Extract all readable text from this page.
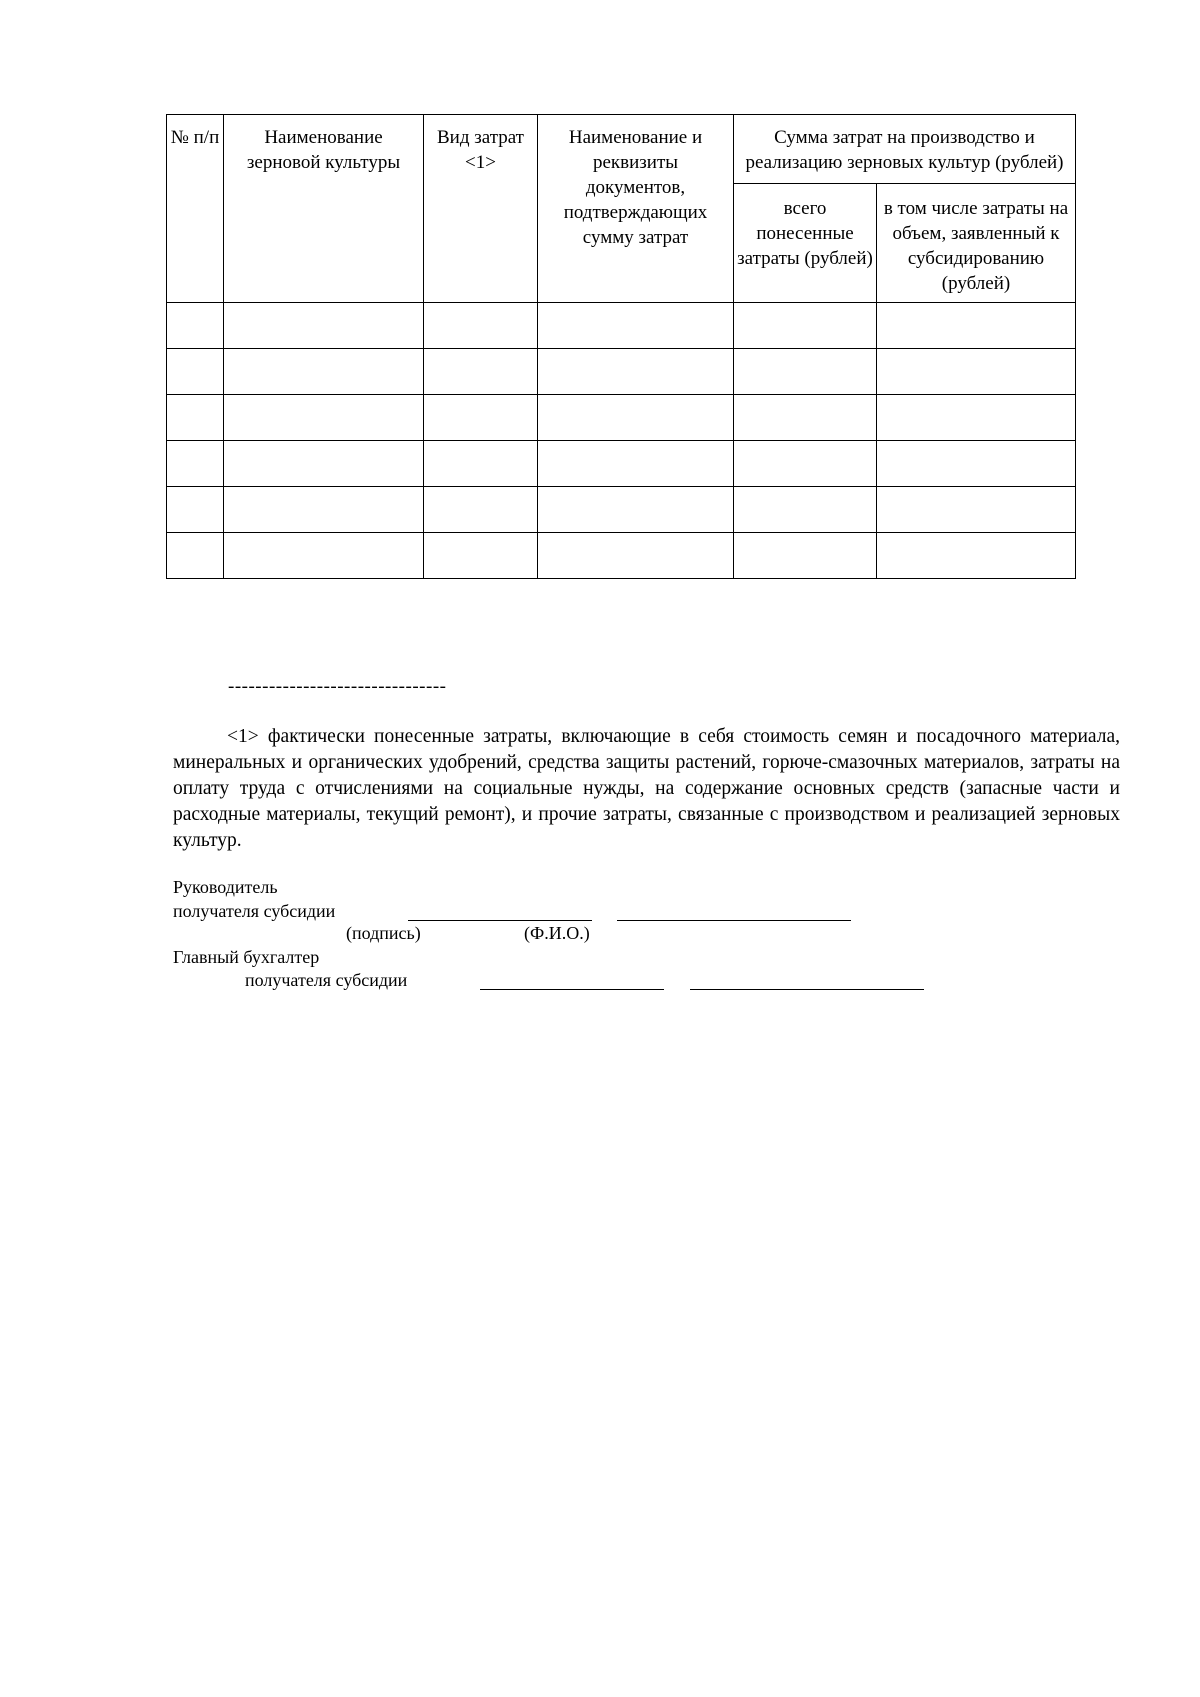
№ п/п	Наименование зерновой культуры	Вид затрат <1>	Наименование и реквизиты документов, подтверждающих сумму затрат	Сумма затрат на производство и реализацию зерновых культур (рублей)	
				всего понесенные затраты (рублей)	в том числе затраты на объем, заявленный к субсидированию (рублей)

--------------------------------

<1> фактически понесенные затраты, включающие в себя стоимость семян и посадочного материала, минеральных и органических удобрений, средства защиты растений, горюче-смазочных материалов, затраты на оплату труда с отчислениями на социальные нужды, на содержание основных средств (запасные части и расходные материалы, текущий ремонт), и прочие затраты, связанные с производством и реализацией зерновых культур.

Руководитель
получателя субсидии
(подпись)	(Ф.И.О.)
Главный бухгалтер
получателя субсидии
